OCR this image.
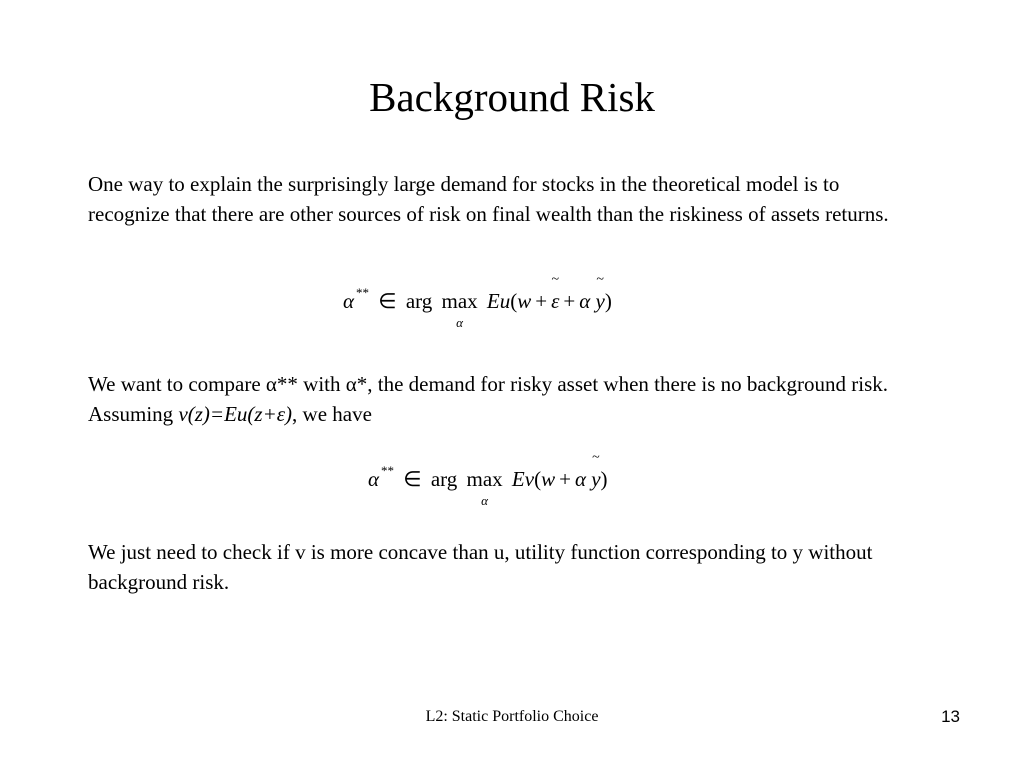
Background Risk
One way to explain the surprisingly large demand for stocks in the theoretical model is to recognize that there are other sources of risk on final wealth than the riskiness of assets returns.
α ** ∈ arg max
α
Eu(w +
~
ε + α
~
y)
We want to compare α** with α*, the demand for risky asset when there is no background risk. Assuming v(z)=Eu(z+ε), we have
α ** ∈ arg max
α
Ev(w + α
~
y)
We just need to check if v is more concave than u, utility function corresponding to y without background risk.
L2: Static Portfolio Choice	13
